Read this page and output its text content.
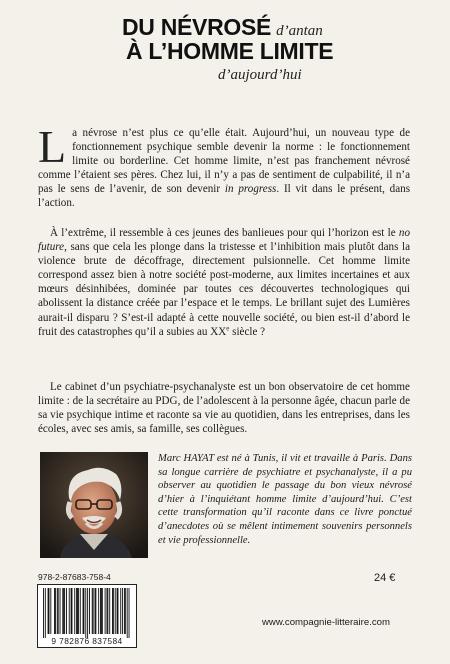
DU NÉVROSÉ d’antan
À L’HOMME LIMITE
d’aujourd’hui
La névrose n’est plus ce qu’elle était. Aujourd’hui, un nouveau type de fonctionnement psychique semble devenir la norme : le fonctionnement limite ou borderline. Cet homme limite, n’est pas franchement névrosé comme l’étaient ses pères. Chez lui, il n’y a pas de sentiment de culpabilité, il n’a pas le sens de l’avenir, de son devenir in progress. Il vit dans le présent, dans l’action.
À l’extrême, il ressemble à ces jeunes des banlieues pour qui l’horizon est le no future, sans que cela les plonge dans la tristesse et l’inhibition mais plutôt dans la violence brute de décoffrage, directement pulsionnelle. Cet homme limite correspond assez bien à notre société post-moderne, aux limites incertaines et aux mœurs désinhibées, dominée par toutes ces découvertes technologiques qui abolissent la distance créée par l’espace et le temps. Le brillant sujet des Lumières aurait-il disparu ? S’est-il adapté à cette nouvelle société, ou bien est-il d’abord le fruit des catastrophes qu’il a subies au XXe siècle ?
Le cabinet d’un psychiatre-psychanalyste est un bon observatoire de cet homme limite : de la secrétaire au PDG, de l’adolescent à la personne âgée, chacun parle de sa vie psychique intime et raconte sa vie au quotidien, dans les entreprises, dans les écoles, avec ses amis, sa famille, ses collègues.
Marc HAYAT est né à Tunis, il vit et travaille à Paris. Dans sa longue carrière de psychiatre et psychanalyste, il a pu observer au quotidien le passage du bon vieux névrosé d’hier à l’inquiétant homme limite d’aujourd’hui. C’est cette transformation qu’il raconte dans ce livre ponctué d’anecdotes où se mêlent intimement souvenirs personnels et vie professionnelle.
978-2-87683-758-4	24 €
9 782876 837584
www.compagnie-litteraire.com
